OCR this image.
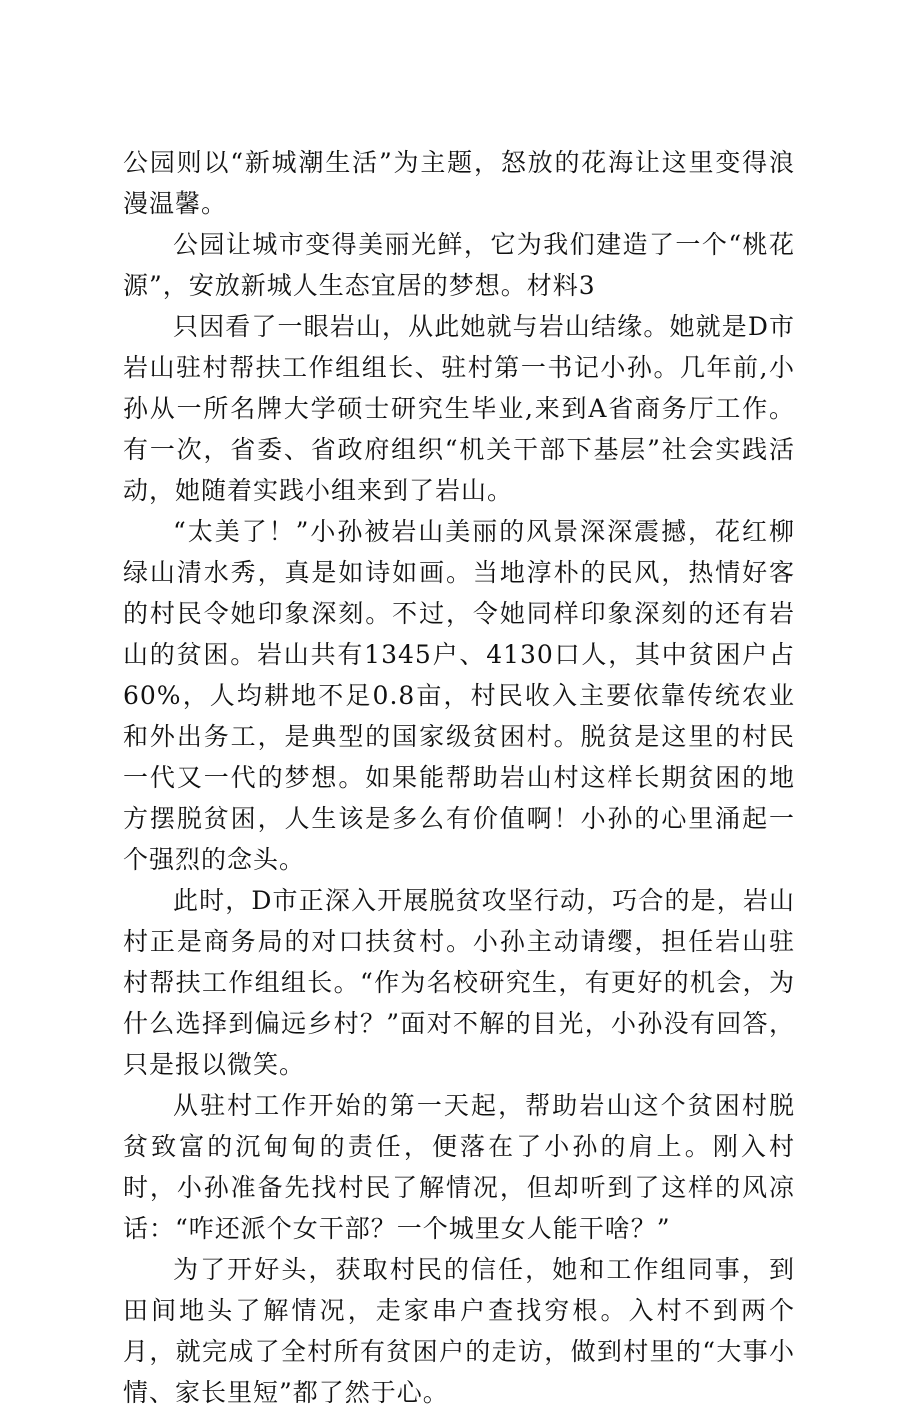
公园则以“新城潮生活”为主题，怒放的花海让这里变得浪漫温馨。

公园让城市变得美丽光鲜，它为我们建造了一个“桃花源”，安放新城人生态宜居的梦想。材料3

只因看了一眼岩山，从此她就与岩山结缘。她就是D市岩山驻村帮扶工作组组长、驻村第一书记小孙。几年前,小孙从一所名牌大学硕士研究生毕业,来到A省商务厅工作。有一次，省委、省政府组织“机关干部下基层”社会实践活动，她随着实践小组来到了岩山。

“太美了！”小孙被岩山美丽的风景深深震撼，花红柳绿山清水秀，真是如诗如画。当地淳朴的民风，热情好客的村民令她印象深刻。不过，令她同样印象深刻的还有岩山的贫困。岩山共有1345户、4130口人，其中贫困户占60%，人均耕地不足0.8亩，村民收入主要依靠传统农业和外出务工，是典型的国家级贫困村。脱贫是这里的村民一代又一代的梦想。如果能帮助岩山村这样长期贫困的地方摆脱贫困，人生该是多么有价值啊！小孙的心里涌起一个强烈的念头。

此时，D市正深入开展脱贫攻坚行动，巧合的是，岩山村正是商务局的对口扶贫村。小孙主动请缨，担任岩山驻村帮扶工作组组长。“作为名校研究生，有更好的机会，为什么选择到偏远乡村？”面对不解的目光，小孙没有回答，只是报以微笑。

从驻村工作开始的第一天起，帮助岩山这个贫困村脱贫致富的沉甸甸的责任，便落在了小孙的肩上。刚入村时，小孙准备先找村民了解情况，但却听到了这样的风凉话：“咋还派个女干部？一个城里女人能干啥？”

为了开好头，获取村民的信任，她和工作组同事，到田间地头了解情况，走家串户查找穷根。入村不到两个月，就完成了全村所有贫困户的走访，做到村里的“大事小情、家长里短”都了然于心。
